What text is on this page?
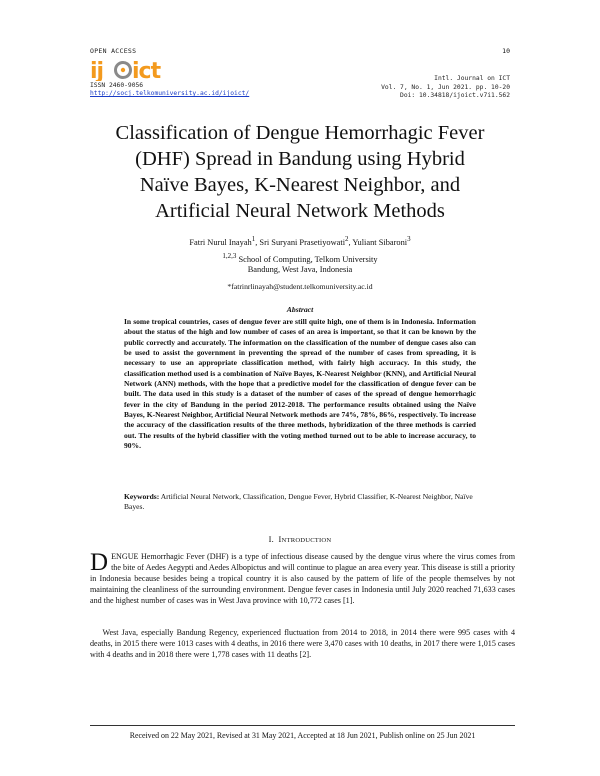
OPEN ACCESS
ij ict
ISSN 2460-9056
http://socj.telkomuniversity.ac.id/ijoict/
10
Intl. Journal on ICT
Vol. 7, No. 1, Jun 2021. pp. 10-20
Doi: 10.34818/ijoict.v7i1.562
Classification of Dengue Hemorrhagic Fever
(DHF) Spread in Bandung using Hybrid
Naïve Bayes, K-Nearest Neighbor, and
Artificial Neural Network Methods
Fatri Nurul Inayah$^1$, Sri Suryani Prasetiyowati$^2$, Yuliant Sibaroni$^3$
$^{1,2,3}$ School of Computing, Telkom University
Bandung, West Java, Indonesia
*fatrinrlinayah@student.telkomuniversity.ac.id
Abstract

In some tropical countries, cases of dengue fever are still quite high, one of them is in Indonesia. Information about the status of the high and low number of cases of an area is important, so that it can be known by the public correctly and accurately. The information on the classification of the number of dengue cases also can be used to assist the government in preventing the spread of the number of cases from spreading, it is necessary to use an appropriate classification method, with fairly high accuracy. In this study, the classification method used is a combination of Naïve Bayes, K-Nearest Neighbor (KNN), and Artificial Neural Network (ANN) methods, with the hope that a predictive model for the classification of dengue fever can be built. The data used in this study is a dataset of the number of cases of the spread of dengue hemorrhagic fever in the city of Bandung in the period 2012-2018. The performance results obtained using the Naïve Bayes, K-Nearest Neighbor, Artificial Neural Network methods are 74%, 78%, 86%, respectively. To increase the accuracy of the classification results of the three methods, hybridization of the three methods is carried out. The results of the hybrid classifier with the voting method turned out to be able to increase accuracy, to 90%.

Keywords: Artificial Neural Network, Classification, Dengue Fever, Hybrid Classifier, K-Nearest Neighbor, Naïve Bayes.

I. INTRODUCTION

DENGUE Hemorrhagic Fever (DHF) is a type of infectious disease caused by the dengue virus where the virus comes from the bite of Aedes Aegypti and Aedes Albopictus and will continue to plague an area every year. This disease is still a priority in Indonesia because besides being a tropical country it is also caused by the pattern of life of the people themselves by not maintaining the cleanliness of the surrounding environment. Dengue fever cases in Indonesia until July 2020 reached 71,633 cases and the highest number of cases was in West Java province with 10,772 cases [1].

West Java, especially Bandung Regency, experienced fluctuation from 2014 to 2018, in 2014 there were 995 cases with 4 deaths, in 2015 there were 1013 cases with 4 deaths, in 2016 there were 3,470 cases with 10 deaths, in 2017 there were 1,015 cases with 4 deaths and in 2018 there were 1,778 cases with 11 deaths [2].

Received on 22 May 2021, Revised at 31 May 2021, Accepted at 18 Jun 2021, Publish online on 25 Jun 2021
